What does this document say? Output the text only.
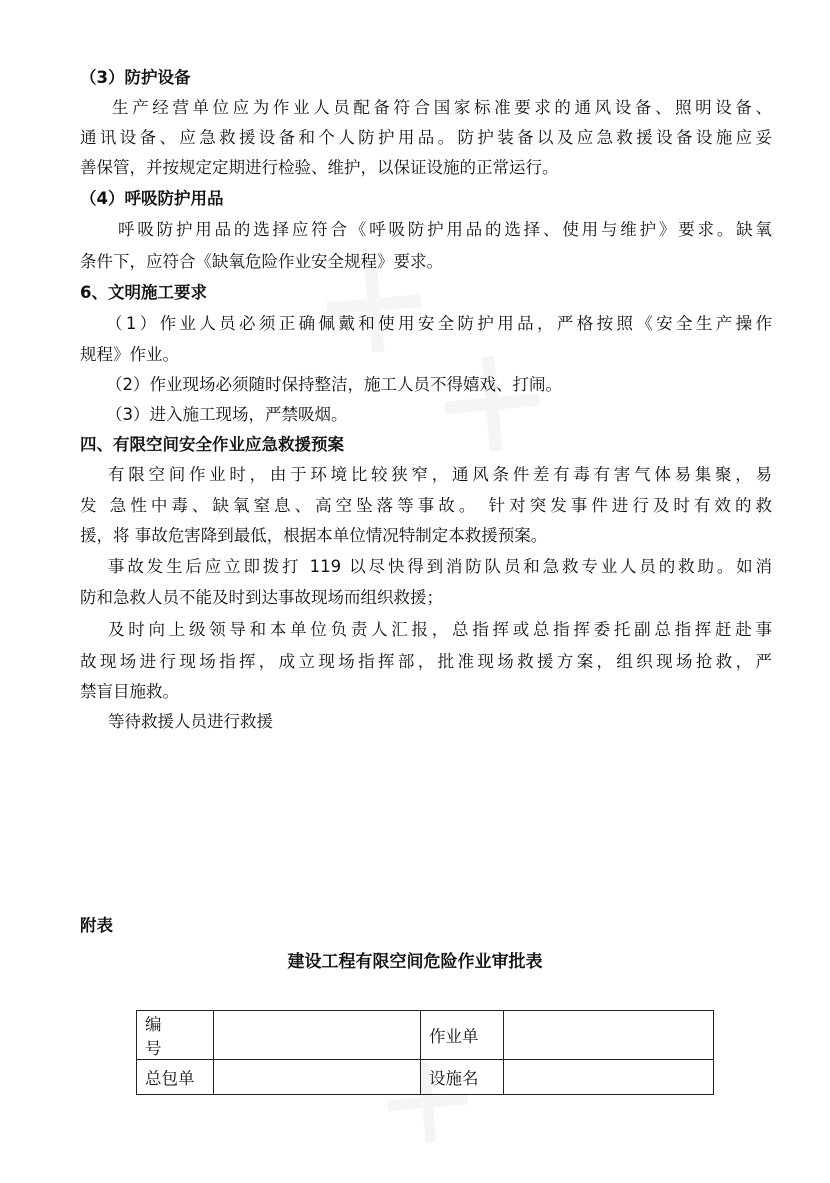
（3）防护设备
生产经营单位应为作业人员配备符合国家标准要求的通风设备、照明设备、
通讯设备、应急救援设备和个人防护用品。防护装备以及应急救援设备设施应妥
善保管，并按规定定期进行检验、维护，以保证设施的正常运行。
（4）呼吸防护用品
呼吸防护用品的选择应符合《呼吸防护用品的选择、使用与维护》要求。缺氧
条件下，应符合《缺氧危险作业安全规程》要求。
6、文明施工要求
（1）作业人员必须正确佩戴和使用安全防护用品，严格按照《安全生产操作
规程》作业。
（2）作业现场必须随时保持整洁，施工人员不得嬉戏、打闹。
（3）进入施工现场，严禁吸烟。
四、有限空间安全作业应急救援预案
有限空间作业时，由于环境比较狭窄，通风条件差有毒有害气体易集聚，易
发 急性中毒、缺氧窒息、高空坠落等事故。 针对突发事件进行及时有效的救
援，将 事故危害降到最低，根据本单位情况特制定本救援预案。
事故发生后应立即拨打 119 以尽快得到消防队员和急救专业人员的救助。如消
防和急救人员不能及时到达事故现场而组织救援；
及时向上级领导和本单位负责人汇报，总指挥或总指挥委托副总指挥赶赴事
故现场进行现场指挥，成立现场指挥部，批准现场救援方案，组织现场抢救，严
禁盲目施救。
等待救援人员进行救援
附表
建设工程有限空间危险作业审批表
编号		作业单	
总包单		设施名	
